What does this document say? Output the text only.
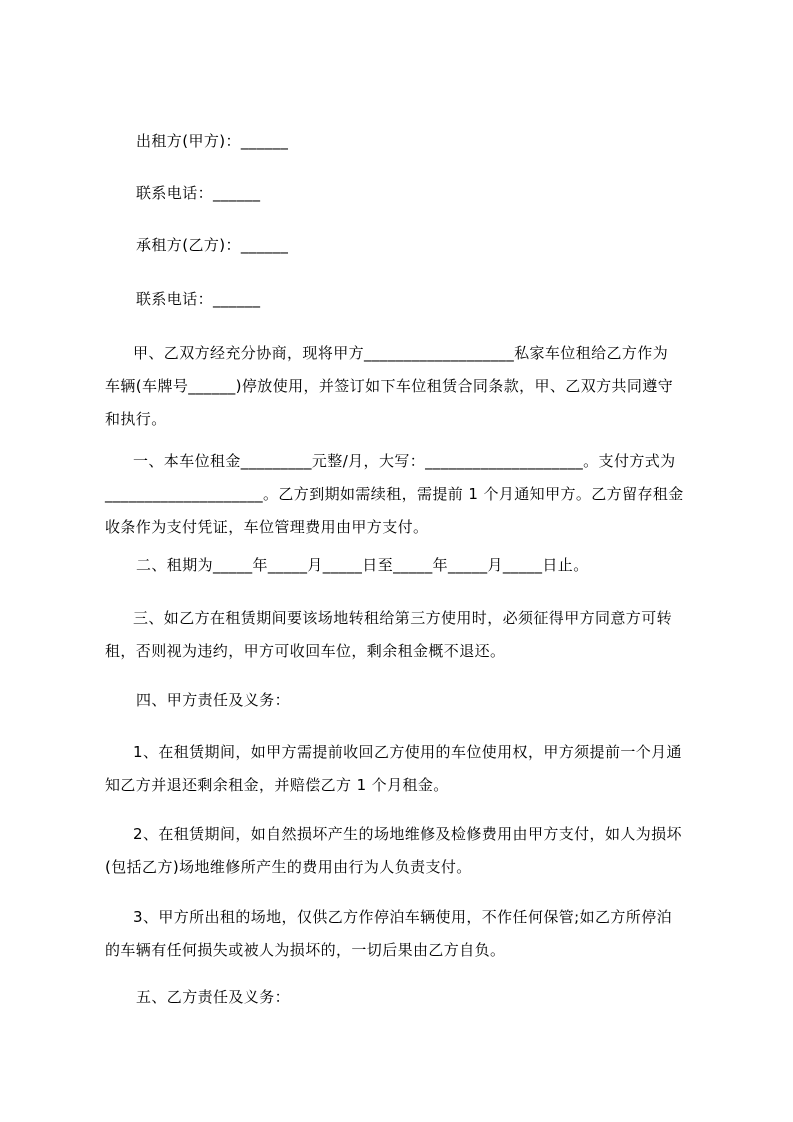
出租方(甲方)：______
联系电话：______
承租方(乙方)：______
联系电话：______
甲、乙双方经充分协商，现将甲方___________________私家车位租给乙方作为
车辆(车牌号______)停放使用，并签订如下车位租赁合同条款，甲、乙双方共同遵守
和执行。
一、本车位租金_________元整/月，大写：____________________。支付方式为
____________________。乙方到期如需续租，需提前 1 个月通知甲方。乙方留存租金
收条作为支付凭证，车位管理费用由甲方支付。
二、租期为_____年_____月_____日至_____年_____月_____日止。
三、如乙方在租赁期间要该场地转租给第三方使用时，必须征得甲方同意方可转
租，否则视为违约，甲方可收回车位，剩余租金概不退还。
四、甲方责任及义务：
1、在租赁期间，如甲方需提前收回乙方使用的车位使用权，甲方须提前一个月通
知乙方并退还剩余租金，并赔偿乙方 1 个月租金。
2、在租赁期间，如自然损坏产生的场地维修及检修费用由甲方支付，如人为损坏
(包括乙方)场地维修所产生的费用由行为人负责支付。
3、甲方所出租的场地，仅供乙方作停泊车辆使用，不作任何保管;如乙方所停泊
的车辆有任何损失或被人为损坏的，一切后果由乙方自负。
五、乙方责任及义务：
